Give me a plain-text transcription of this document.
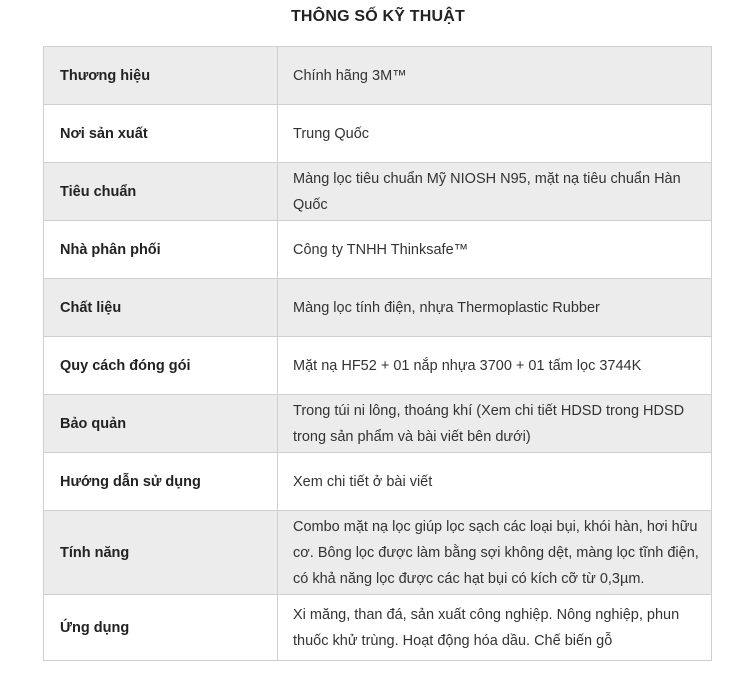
THÔNG SỐ KỸ THUẬT
Thương hiệu	Chính hãng 3M™
Nơi sản xuất	Trung Quốc
Tiêu chuẩn	Màng lọc tiêu chuẩn Mỹ NIOSH N95, mặt nạ tiêu chuẩn Hàn Quốc
Nhà phân phối	Công ty TNHH Thinksafe™
Chất liệu	Màng lọc tính điện, nhựa Thermoplastic Rubber
Quy cách đóng gói	Mặt nạ HF52 + 01 nắp nhựa 3700 + 01 tấm lọc 3744K
Bảo quản	Trong túi ni lông, thoáng khí (Xem chi tiết HDSD trong HDSD trong sản phẩm và bài viết bên dưới)
Hướng dẫn sử dụng	Xem chi tiết ở bài viết
Tính năng	Combo mặt nạ lọc giúp lọc sạch các loại bụi, khói hàn, hơi hữu cơ. Bông lọc được làm bằng sợi không dệt, màng lọc tĩnh điện, có khả năng lọc được các hạt bụi có kích cỡ từ 0,3µm.
Ứng dụng	Xi măng, than đá, sản xuất công nghiệp. Nông nghiệp, phun thuốc khử trùng. Hoạt động hóa dầu. Chế biến gỗ
